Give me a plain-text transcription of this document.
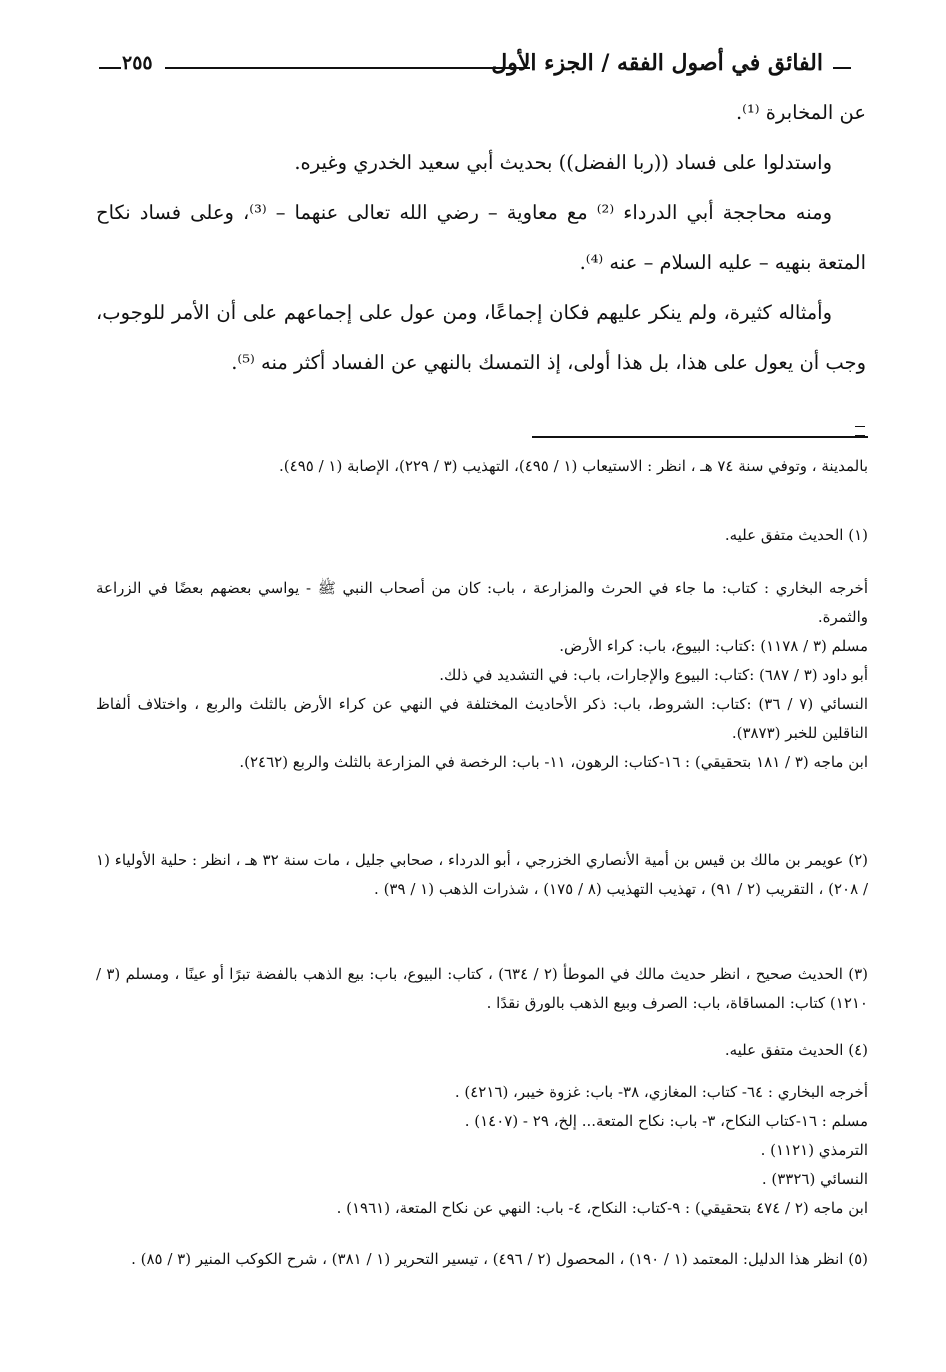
الفائق في أصول الفقه / الجزء الأول
٢٥٥

عن المخابرة ⁽¹⁾.

واستدلوا على فساد ((ربا الفضل)) بحديث أبي سعيد الخدري وغيره.

ومنه محاججة أبي الدرداء ⁽²⁾ مع معاوية – رضي الله تعالى عنهما – ⁽³⁾، وعلى فساد نكاح المتعة بنهيه – عليه السلام – عنه ⁽⁴⁾.

وأمثاله كثيرة، ولم ينكر عليهم فكان إجماعًا، ومن عول على إجماعهم على أن الأمر للوجوب، وجب أن يعول على هذا، بل هذا أولى، إذ التمسك بالنهي عن الفساد أكثر منه ⁽⁵⁾.

بالمدينة ، وتوفي سنة ٧٤ هـ ، انظر : الاستيعاب (١ / ٤٩٥)، التهذيب (٣ / ٢٢٩)، الإصابة (١ / ٤٩٥).

(١) الحديث متفق عليه.

أخرجه البخاري : كتاب: ما جاء في الحرث والمزارعة ، باب: كان من أصحاب النبي ﷺ - يواسي بعضهم بعضًا في الزراعة والثمرة.

مسلم (٣ / ١١٧٨) :كتاب: البيوع، باب: كراء الأرض.

أبو داود (٣ / ٦٨٧) :كتاب: البيوع والإجارات، باب: في التشديد في ذلك.

النسائي (٧ / ٣٦) :كتاب: الشروط، باب: ذكر الأحاديث المختلفة في النهي عن كراء الأرض بالثلث والربع ، واختلاف ألفاظ الناقلين للخبر (٣٨٧٣).

ابن ماجه (٣ / ١٨١ بتحقيقي) : ١٦-كتاب: الرهون، ١١- باب: الرخصة في المزارعة بالثلث والربع (٢٤٦٢).

(٢) عويمر بن مالك بن قيس بن أمية الأنصاري الخزرجي ، أبو الدرداء ، صحابي جليل ، مات سنة ٣٢ هـ ، انظر : حلية الأولياء (١ / ٢٠٨) ، التقريب (٢ / ٩١) ، تهذيب التهذيب (٨ / ١٧٥) ، شذرات الذهب (١ / ٣٩) .

(٣) الحديث صحيح ، انظر حديث مالك في الموطأ (٢ / ٦٣٤) ، كتاب: البيوع، باب: بيع الذهب بالفضة تبرًا أو عينًا ، ومسلم (٣ / ١٢١٠) كتاب: المساقاة، باب: الصرف وبيع الذهب بالورق نقدًا .

(٤) الحديث متفق عليه.

أخرجه البخاري : ٦٤- كتاب: المغازي، ٣٨- باب: غزوة خيبر، (٤٢١٦) .

مسلم : ١٦-كتاب النكاح، ٣- باب: نكاح المتعة... إلخ، ٢٩ - (١٤٠٧) .

الترمذي (١١٢١) .

النسائي (٣٣٢٦) .

ابن ماجه (٢ / ٤٧٤ بتحقيقي) : ٩-كتاب: النكاح، ٤- باب: النهي عن نكاح المتعة، (١٩٦١) .

(٥) انظر هذا الدليل: المعتمد (١ / ١٩٠) ، المحصول (٢ / ٤٩٦) ، تيسير التحرير (١ / ٣٨١) ، شرح الكوكب المنير (٣ / ٨٥) .
